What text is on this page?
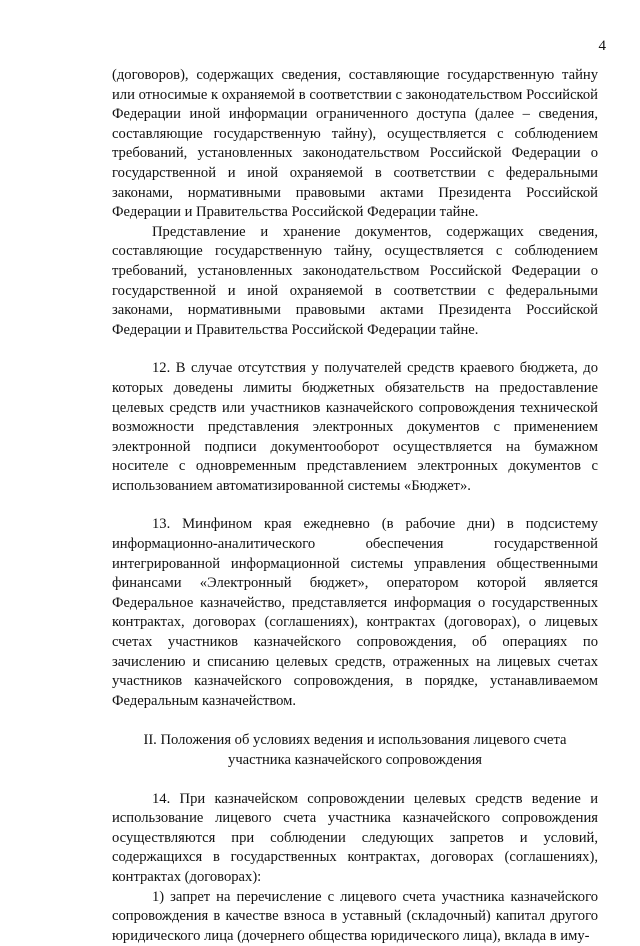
4

(договоров), содержащих сведения, составляющие государственную тайну или относимые к охраняемой в соответствии с законодательством Российской Федерации иной информации ограниченного доступа (далее – сведения, составляющие государственную тайну), осуществляется с соблюдением требований, установленных законодательством Российской Федерации о государственной и иной охраняемой в соответствии с федеральными законами, нормативными правовыми актами Президента Российской Федерации и Правительства Российской Федерации тайне.

Представление и хранение документов, содержащих сведения, составляющие государственную тайну, осуществляется с соблюдением требований, установленных законодательством Российской Федерации о государственной и иной охраняемой в соответствии с федеральными законами, нормативными правовыми актами Президента Российской Федерации и Правительства Российской Федерации тайне.

12. В случае отсутствия у получателей средств краевого бюджета, до которых доведены лимиты бюджетных обязательств на предоставление целевых средств или участников казначейского сопровождения технической возможности представления электронных документов с применением электронной подписи документооборот осуществляется на бумажном носителе с одновременным представлением электронных документов с использованием автоматизированной системы «Бюджет».

13. Минфином края ежедневно (в рабочие дни) в подсистему информационно-аналитического обеспечения государственной интегрированной информационной системы управления общественными финансами «Электронный бюджет», оператором которой является Федеральное казначейство, представляется информация о государственных контрактах, договорах (соглашениях), контрактах (договорах), о лицевых счетах участников казначейского сопровождения, об операциях по зачислению и списанию целевых средств, отраженных на лицевых счетах участников казначейского сопровождения, в порядке, устанавливаемом Федеральным казначейством.

II. Положения об условиях ведения и использования лицевого счета участника казначейского сопровождения

14. При казначейском сопровождении целевых средств ведение и использование лицевого счета участника казначейского сопровождения осуществляются при соблюдении следующих запретов и условий, содержащихся в государственных контрактах, договорах (соглашениях), контрактах (договорах):

1) запрет на перечисление с лицевого счета участника казначейского сопровождения в качестве взноса в уставный (складочный) капитал другого юридического лица (дочернего общества юридического лица), вклада в иму-
